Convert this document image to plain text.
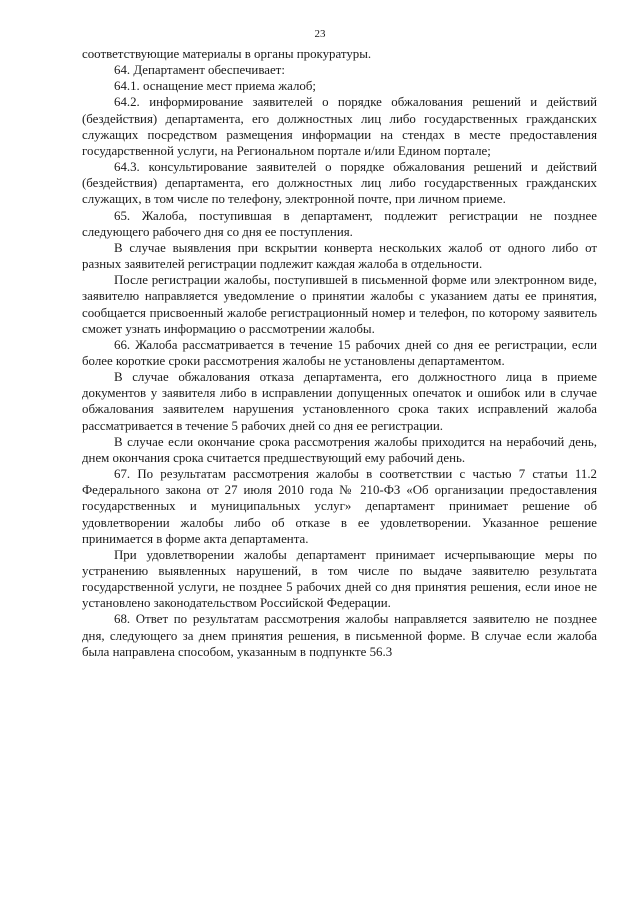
23

соответствующие материалы в органы прокуратуры.

64. Департамент обеспечивает:

64.1. оснащение мест приема жалоб;

64.2. информирование заявителей о порядке обжалования решений и действий (бездействия) департамента, его должностных лиц либо государственных гражданских служащих посредством размещения информации на стендах в месте предоставления государственной услуги, на Региональном портале и/или Едином портале;

64.3. консультирование заявителей о порядке обжалования решений и действий (бездействия) департамента, его должностных лиц либо государственных гражданских служащих, в том числе по телефону, электронной почте, при личном приеме.

65. Жалоба, поступившая в департамент, подлежит регистрации не позднее следующего рабочего дня со дня ее поступления.

В случае выявления при вскрытии конверта нескольких жалоб от одного либо от разных заявителей регистрации подлежит каждая жалоба в отдельности.

После регистрации жалобы, поступившей в письменной форме или электронном виде, заявителю направляется уведомление о принятии жалобы с указанием даты ее принятия, сообщается присвоенный жалобе регистрационный номер и телефон, по которому заявитель сможет узнать информацию о рассмотрении жалобы.

66. Жалоба рассматривается в течение 15 рабочих дней со дня ее регистрации, если более короткие сроки рассмотрения жалобы не установлены департаментом.

В случае обжалования отказа департамента, его должностного лица в приеме документов у заявителя либо в исправлении допущенных опечаток и ошибок или в случае обжалования заявителем нарушения установленного срока таких исправлений жалоба рассматривается в течение 5 рабочих дней со дня ее регистрации.

В случае если окончание срока рассмотрения жалобы приходится на нерабочий день, днем окончания срока считается предшествующий ему рабочий день.

67. По результатам рассмотрения жалобы в соответствии с частью 7 статьи 11.2 Федерального закона от 27 июля 2010 года № 210-ФЗ «Об организации предоставления государственных и муниципальных услуг» департамент принимает решение об удовлетворении жалобы либо об отказе в ее удовлетворении. Указанное решение принимается в форме акта департамента.

При удовлетворении жалобы департамент принимает исчерпывающие меры по устранению выявленных нарушений, в том числе по выдаче заявителю результата государственной услуги, не позднее 5 рабочих дней со дня принятия решения, если иное не установлено законодательством Российской Федерации.

68. Ответ по результатам рассмотрения жалобы направляется заявителю не позднее дня, следующего за днем принятия решения, в письменной форме. В случае если жалоба была направлена способом, указанным в подпункте 56.3
